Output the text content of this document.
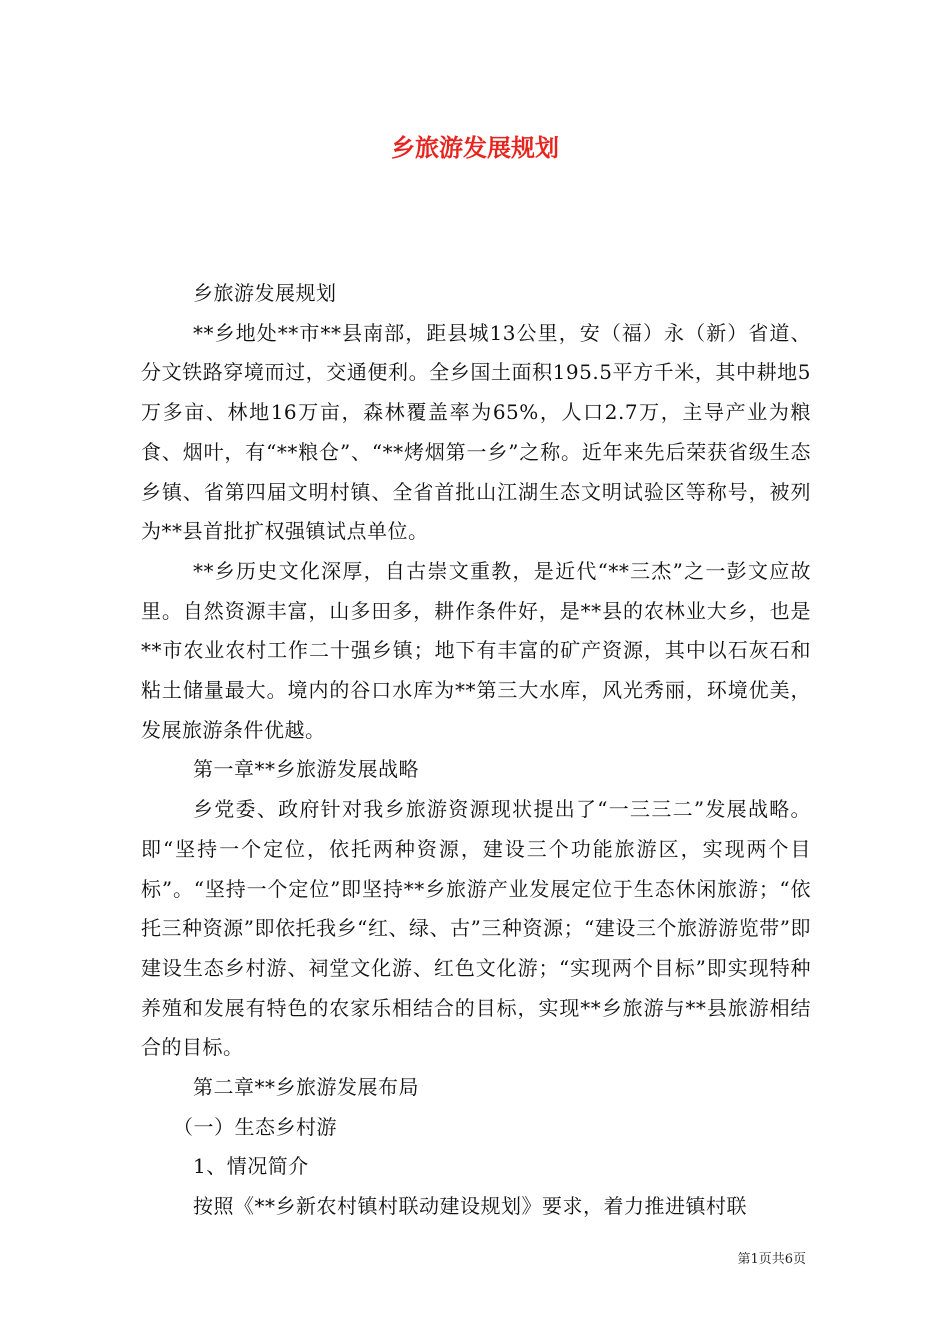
乡旅游发展规划

乡旅游发展规划

**乡地处**市**县南部，距县城13公里，安（福）永（新）省道、分文铁路穿境而过，交通便利。全乡国土面积195.5平方千米，其中耕地5万多亩、林地16万亩，森林覆盖率为65%，人口2.7万，主导产业为粮食、烟叶，有“**粮仓”、“**烤烟第一乡”之称。近年来先后荣获省级生态乡镇、省第四届文明村镇、全省首批山江湖生态文明试验区等称号，被列为**县首批扩权强镇试点单位。

**乡历史文化深厚，自古崇文重教，是近代“**三杰”之一彭文应故里。自然资源丰富，山多田多，耕作条件好，是**县的农林业大乡，也是**市农业农村工作二十强乡镇；地下有丰富的矿产资源，其中以石灰石和粘土储量最大。境内的谷口水库为**第三大水库，风光秀丽，环境优美，发展旅游条件优越。

第一章**乡旅游发展战略

乡党委、政府针对我乡旅游资源现状提出了“一三三二”发展战略。即“坚持一个定位，依托两种资源，建设三个功能旅游区，实现两个目标”。“坚持一个定位”即坚持**乡旅游产业发展定位于生态休闲旅游；“依托三种资源”即依托我乡“红、绿、古”三种资源；“建设三个旅游游览带”即建设生态乡村游、祠堂文化游、红色文化游；“实现两个目标”即实现特种养殖和发展有特色的农家乐相结合的目标，实现**乡旅游与**县旅游相结合的目标。

第二章**乡旅游发展布局

（一）生态乡村游

1、情况简介

按照《**乡新农村镇村联动建设规划》要求，着力推进镇村联

第1页共6页
